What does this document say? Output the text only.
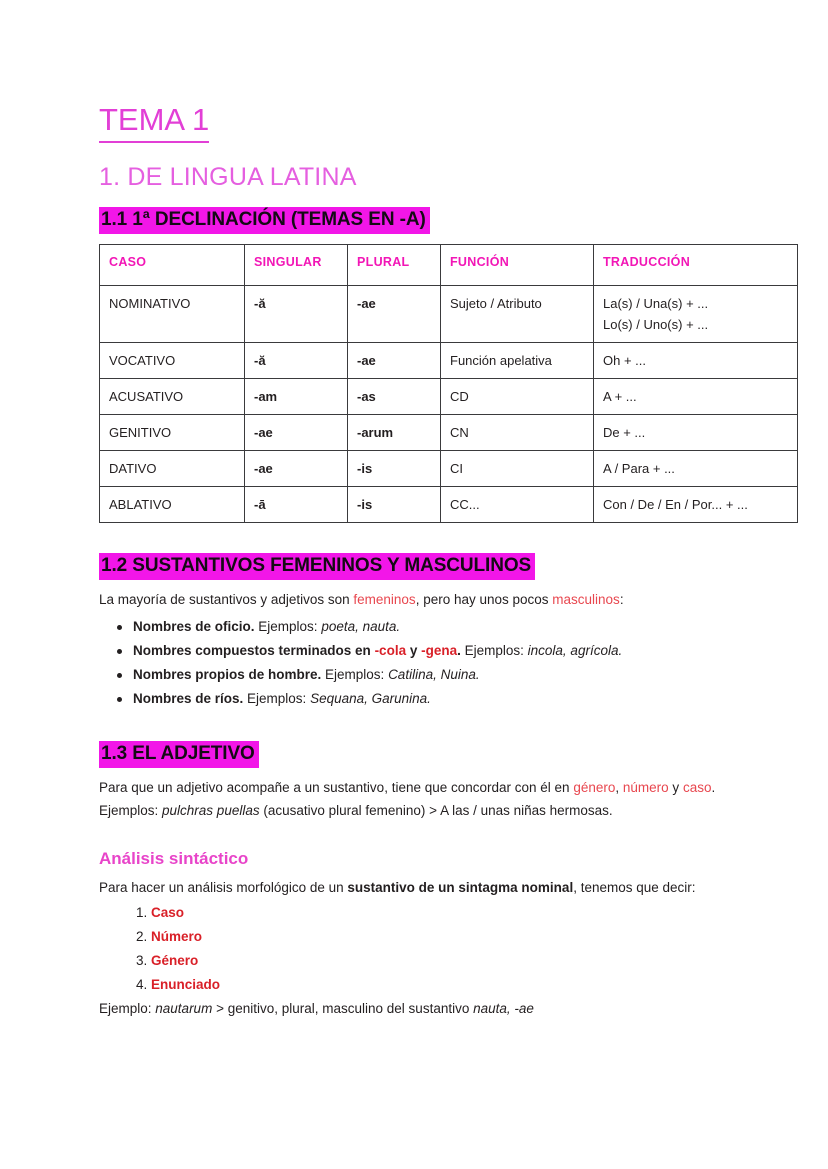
TEMA 1
1. DE LINGUA LATINA
1.1 1ª DECLINACIÓN (TEMAS EN -A)
CASO	SINGULAR	PLURAL	FUNCIÓN	TRADUCCIÓN
NOMINATIVO	-ă	-ae	Sujeto / Atributo	La(s) / Una(s) + ...
Lo(s) / Uno(s) + ...

VOCATIVO	-ă	-ae	Función apelativa	Oh + ...

ACUSATIVO	-am	-as	CD	A + ...

GENITIVO	-ae	-arum	CN	De + ...

DATIVO	-ae	-is	CI	A / Para + ...

ABLATIVO	-ā	-is	CC...	Con / De / En / Por... + ...
1.2 SUSTANTIVOS FEMENINOS Y MASCULINOS

La mayoría de sustantivos y adjetivos son femeninos, pero hay unos pocos masculinos:

Nombres de oficio. Ejemplos: poeta, nauta.
Nombres compuestos terminados en -cola y -gena. Ejemplos: incola, agrícola.
Nombres propios de hombre. Ejemplos: Catilina, Nuina.
Nombres de ríos. Ejemplos: Sequana, Garunina.
1.3 EL ADJETIVO

Para que un adjetivo acompañe a un sustantivo, tiene que concordar con él en género, número y caso.

Ejemplos: pulchras puellas (acusativo plural femenino) > A las / unas niñas hermosas.

Análisis sintáctico

Para hacer un análisis morfológico de un sustantivo de un sintagma nominal, tenemos que decir:

1. Caso
2. Número
3. Género
4. Enunciado

Ejemplo: nautarum > genitivo, plural, masculino del sustantivo nauta, -ae
